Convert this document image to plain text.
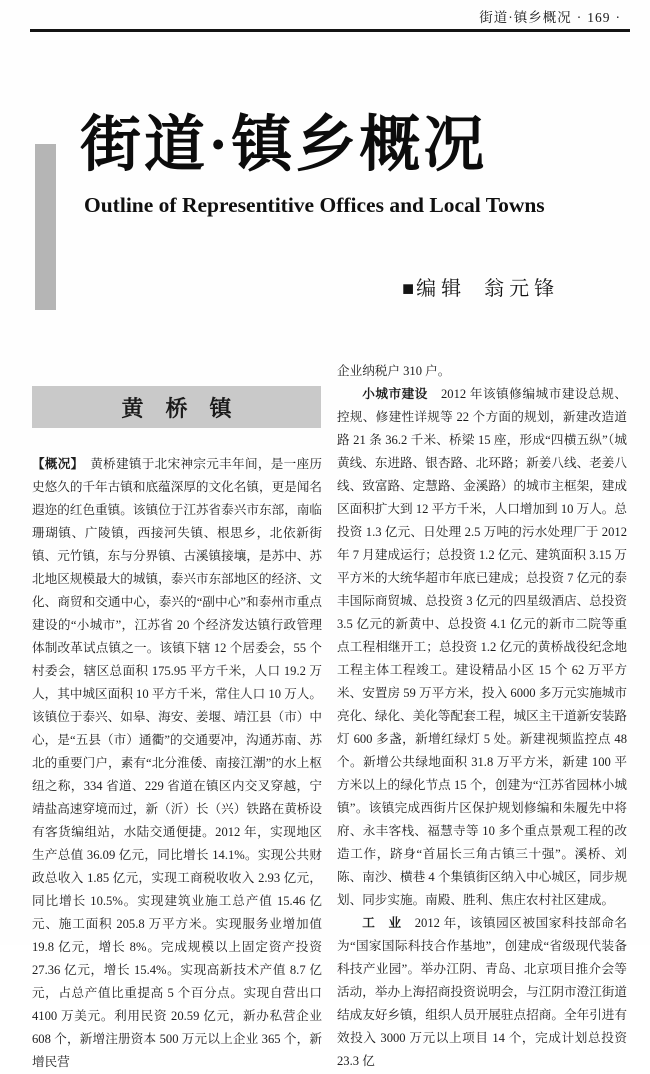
街道·镇乡概况 · 169 ·
街道·镇乡概况
Outline of Representitive Offices and Local Towns
■ 编辑 翁元锋
黄　桥　镇

【概况】　黄桥建镇于北宋神宗元丰年间，是一座历史悠久的千年古镇和底蕴深厚的文化名镇，更是闻名遐迩的红色重镇。该镇位于江苏省泰兴市东部，南临珊瑚镇、广陵镇，西接河失镇、根思乡，北依新街镇、元竹镇，东与分界镇、古溪镇接壤，是苏中、苏北地区规模最大的城镇，泰兴市东部地区的经济、文化、商贸和交通中心，泰兴的“副中心”和泰州市重点建设的“小城市”，江苏省 20 个经济发达镇行政管理体制改革试点镇之一。该镇下辖 12 个居委会，55 个村委会，辖区总面积 175.95 平方千米，人口 19.2 万人，其中城区面积 10 平方千米，常住人口 10 万人。该镇位于泰兴、如皋、海安、姜堰、靖江县（市）中心，是“五县（市）通衢”的交通要冲，沟通苏南、苏北的重要门户，素有“北分淮倭、南接江潮”的水上枢纽之称，334 省道、229 省道在镇区内交叉穿越，宁靖盐高速穿境而过，新（沂）长（兴）铁路在黄桥设有客货编组站，水陆交通便捷。2012 年，实现地区生产总值 36.09 亿元，同比增长 14.1%。实现公共财政总收入 1.85 亿元，实现工商税收收入 2.93 亿元，同比增长 10.5%。实现建筑业施工总产值 15.46 亿元、施工面积 205.8 万平方米。实现服务业增加值 19.8 亿元，增长 8%。完成规模以上固定资产投资 27.36 亿元，增长 15.4%。实现高新技术产值 8.7 亿元，占总产值比重提高 5 个百分点。实现自营出口 4100 万美元。利用民资 20.59 亿元，新办私营企业 608 个，新增注册资本 500 万元以上企业 365 个，新增民营

企业纳税户 310 户。

小城市建设　2012 年该镇修编城市建设总规、控规、修建性详规等 22 个方面的规划，新建改造道路 21 条 36.2 千米、桥梁 15 座，形成“四横五纵”（城黄线、东进路、银杏路、北环路；新姜八线、老姜八线、致富路、定慧路、金溪路）的城市主框架，建成区面积扩大到 12 平方千米，人口增加到 10 万人。总投资 1.3 亿元、日处理 2.5 万吨的污水处理厂于 2012 年 7 月建成运行；总投资 1.2 亿元、建筑面积 3.15 万平方米的大统华超市年底已建成；总投资 7 亿元的泰丰国际商贸城、总投资 3 亿元的四星级酒店、总投资 3.5 亿元的新黄中、总投资 4.1 亿元的新市二院等重点工程相继开工；总投资 1.2 亿元的黄桥战役纪念地工程主体工程竣工。建设精品小区 15 个 62 万平方米、安置房 59 万平方米，投入 6000 多万元实施城市亮化、绿化、美化等配套工程，城区主干道新安装路灯 600 多盏，新增红绿灯 5 处。新建视频监控点 48 个。新增公共绿地面积 31.8 万平方米，新建 100 平方米以上的绿化节点 15 个，创建为“江苏省园林小城镇”。该镇完成西街片区保护规划修编和朱履先中将府、永丰客栈、福慧寺等 10 多个重点景观工程的改造工作，跻身“首届长三角古镇三十强”。溪桥、刘陈、南沙、横巷 4 个集镇街区纳入中心城区，同步规划、同步实施。南殿、胜利、焦庄农村社区建成。

工　业　2012 年，该镇园区被国家科技部命名为“国家国际科技合作基地”，创建成“省级现代装备科技产业园”。举办江阴、青岛、北京项目推介会等活动，举办上海招商投资说明会，与江阴市澄江街道结成友好乡镇，组织人员开展驻点招商。全年引进有效投入 3000 万元以上项目 14 个，完成计划总投资 23.3 亿
